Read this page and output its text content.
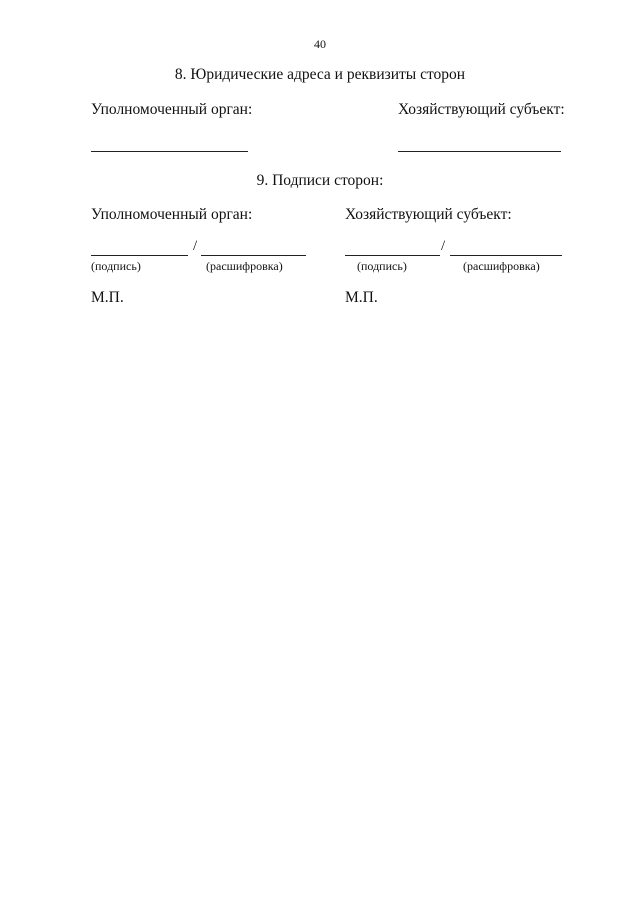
40
8. Юридические адреса и реквизиты сторон
Уполномоченный орган:	Хозяйствующий субъект:
9. Подписи сторон:
Уполномоченный орган:	Хозяйствующий субъект:
/
(подпись)	(расшифровка)
М.П.
/
(подпись)	(расшифровка)
М.П.
